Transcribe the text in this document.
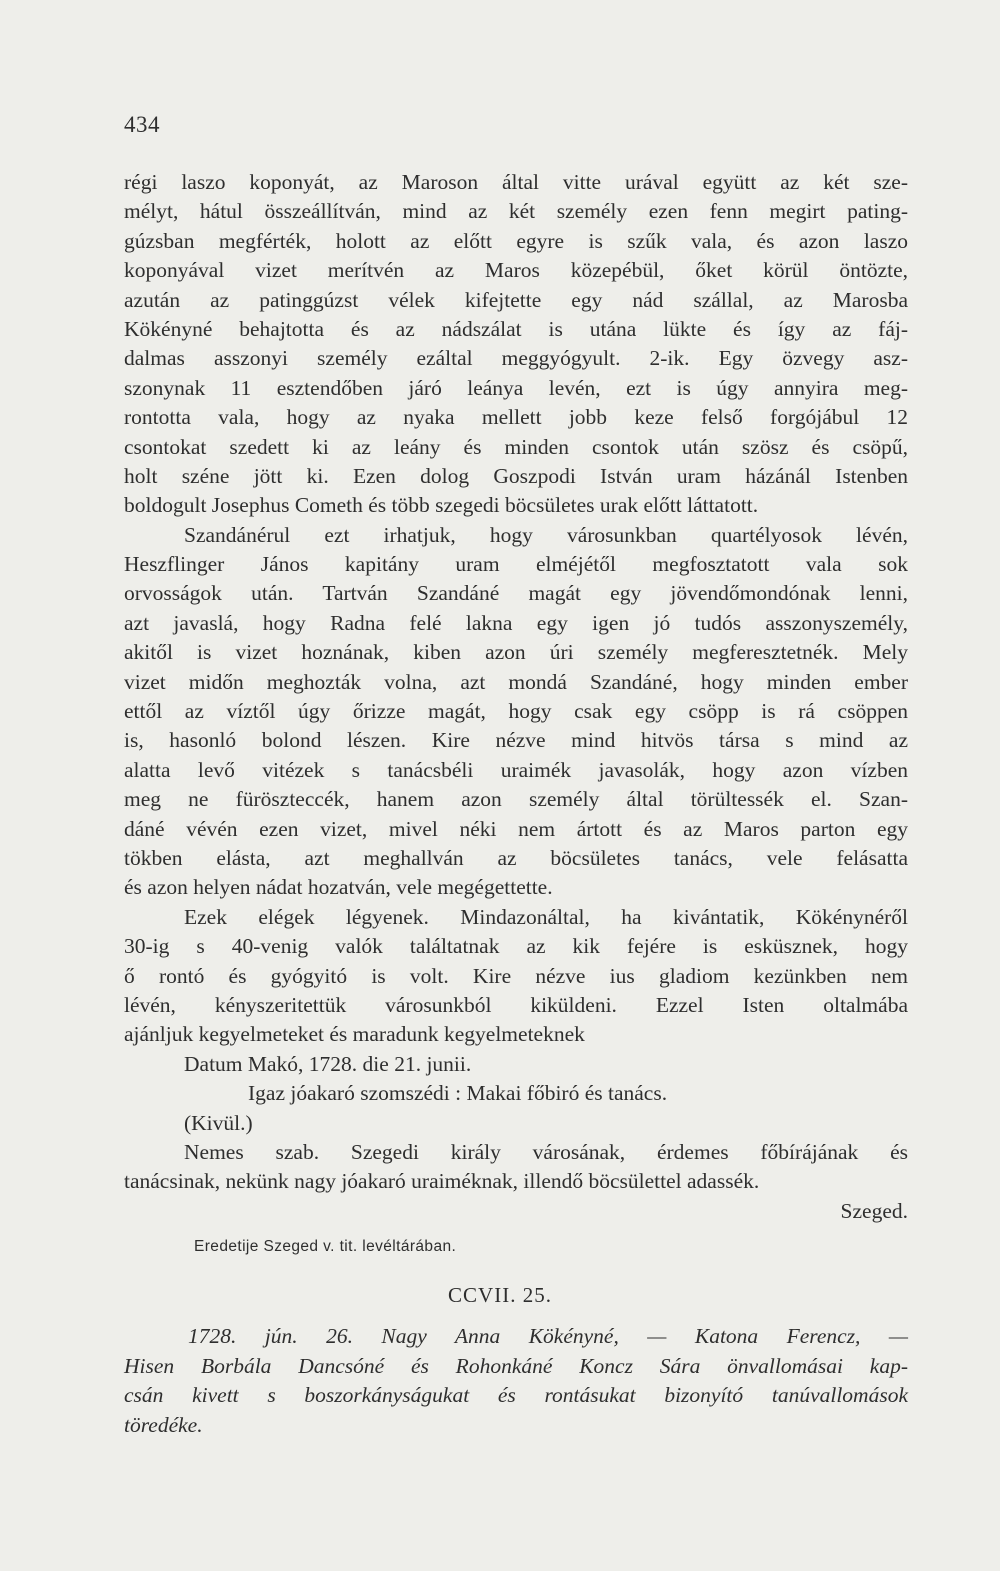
434
régi laszo koponyát, az Maroson által vitte urával együtt az két sze-
mélyt, hátul összeállítván, mind az két személy ezen fenn megirt pating-
gúzsban megférték, holott az előtt egyre is szűk vala, és azon laszo
koponyával vizet merítvén az Maros közepébül, őket körül öntözte,
azután az patinggúzst vélek kifejtette egy nád szállal, az Marosba
Kökényné behajtotta és az nádszálat is utána lükte és így az fáj-
dalmas asszonyi személy ezáltal meggyógyult. 2-ik. Egy özvegy asz-
szonynak 11 esztendőben járó leánya levén, ezt is úgy annyira meg-
rontotta vala, hogy az nyaka mellett jobb keze felső forgójábul 12
csontokat szedett ki az leány és minden csontok után szösz és csöpű,
holt széne jött ki. Ezen dolog Goszpodi István uram házánál Istenben
boldogult Josephus Cometh és több szegedi böcsületes urak előtt láttatott.
Szandánérul ezt irhatjuk, hogy városunkban quartélyosok lévén,
Heszflinger János kapitány uram elméjétől megfosztatott vala sok
orvosságok után. Tartván Szandáné magát egy jövendőmondónak lenni,
azt javaslá, hogy Radna felé lakna egy igen jó tudós asszonyszemély,
akitől is vizet hoznának, kiben azon úri személy megferesztetnék. Mely
vizet midőn meghozták volna, azt mondá Szandáné, hogy minden ember
ettől az víztől úgy őrizze magát, hogy csak egy csöpp is rá csöppen
is, hasonló bolond lészen. Kire nézve mind hitvös társa s mind az
alatta levő vitézek s tanácsbéli uraimék javasolák, hogy azon vízben
meg ne füröszteссék, hanem azon személy által törültessék el. Szan-
dáné vévén ezen vizet, mivel néki nem ártott és az Maros parton egy
tökben elásta, azt meghallván az böcsületes tanács, vele felásatta
és azon helyen nádat hozatván, vele megégettette.
Ezek elégek légyenek. Mindazonáltal, ha kivántatik, Kökénynéről
30-ig s 40-venig valók találtatnak az kik fejére is esküsznek, hogy
ő rontó és gyógyitó is volt. Kire nézve ius gladiom kezünkben nem
lévén, kényszeritettük városunkból kiküldeni. Ezzel Isten oltalmába
ajánljuk kegyelmeteket és maradunk kegyelmeteknek
Datum Makó, 1728. die 21. junii.
Igaz jóakaró szomszédi : Makai főbiró és tanács.
(Kivül.)
Nemes szab. Szegedi király városának, érdemes főbírájának és
tanácsinak, nekünk nagy jóakaró uraiméknak, illendő böcsülettel adassék.
Szeged.
Eredetije Szeged v. tit. levéltárában.
CCVII. 25.
1728. jún. 26. Nagy Anna Kökényné, — Katona Ferencz, —
Hisen Borbála Dancsóné és Rohonkáné Koncz Sára önvallomásai kap-
csán kivett s boszorkányságukat és rontásukat bizonyító tanúvallomások
töredéke.
